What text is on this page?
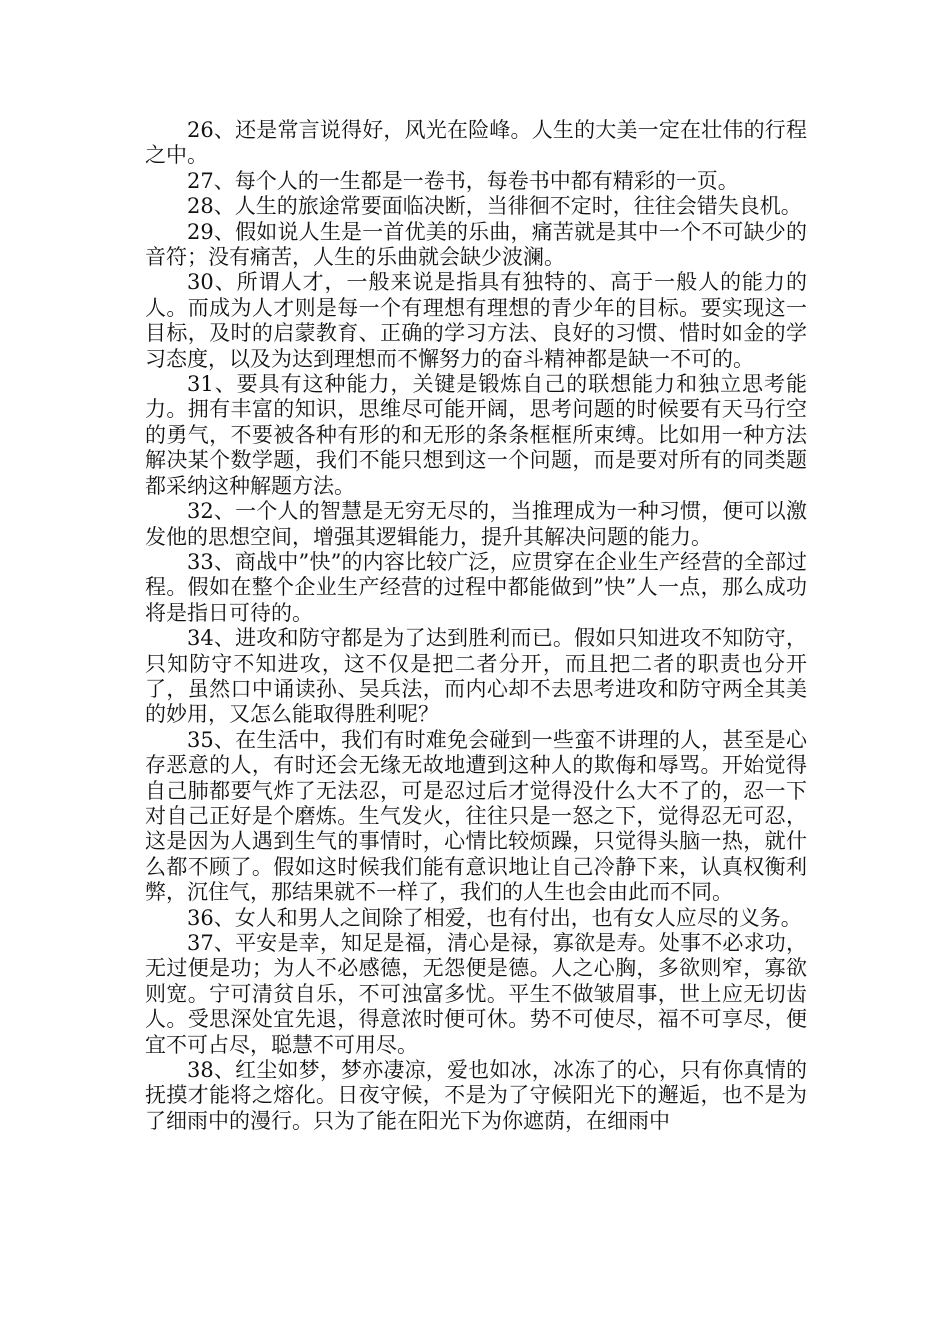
26、还是常言说得好，风光在险峰。人生的大美一定在壮伟的行程之中。

27、每个人的一生都是一卷书，每卷书中都有精彩的一页。

28、人生的旅途常要面临决断，当徘徊不定时，往往会错失良机。

29、假如说人生是一首优美的乐曲，痛苦就是其中一个不可缺少的音符；没有痛苦，人生的乐曲就会缺少波澜。

30、所谓人才，一般来说是指具有独特的、高于一般人的能力的人。而成为人才则是每一个有理想有理想的青少年的目标。要实现这一目标，及时的启蒙教育、正确的学习方法、良好的习惯、惜时如金的学习态度，以及为达到理想而不懈努力的奋斗精神都是缺一不可的。

31、要具有这种能力，关键是锻炼自己的联想能力和独立思考能力。拥有丰富的知识，思维尽可能开阔，思考问题的时候要有天马行空的勇气，不要被各种有形的和无形的条条框框所束缚。比如用一种方法解决某个数学题，我们不能只想到这一个问题，而是要对所有的同类题都采纳这种解题方法。

32、一个人的智慧是无穷无尽的，当推理成为一种习惯，便可以激发他的思想空间，增强其逻辑能力，提升其解决问题的能力。

33、商战中”快”的内容比较广泛，应贯穿在企业生产经营的全部过程。假如在整个企业生产经营的过程中都能做到”快”人一点，那么成功将是指日可待的。

34、进攻和防守都是为了达到胜利而已。假如只知进攻不知防守，只知防守不知进攻，这不仅是把二者分开，而且把二者的职责也分开了，虽然口中诵读孙、吴兵法，而内心却不去思考进攻和防守两全其美的妙用，又怎么能取得胜利呢？

35、在生活中，我们有时难免会碰到一些蛮不讲理的人，甚至是心存恶意的人，有时还会无缘无故地遭到这种人的欺侮和辱骂。开始觉得自己肺都要气炸了无法忍，可是忍过后才觉得没什么大不了的，忍一下对自己正好是个磨炼。生气发火，往往只是一怒之下，觉得忍无可忍，这是因为人遇到生气的事情时，心情比较烦躁，只觉得头脑一热，就什么都不顾了。假如这时候我们能有意识地让自己冷静下来，认真权衡利弊，沉住气，那结果就不一样了，我们的人生也会由此而不同。

36、女人和男人之间除了相爱，也有付出，也有女人应尽的义务。

37、平安是幸，知足是福，清心是禄，寡欲是寿。处事不必求功，无过便是功；为人不必感德，无怨便是德。人之心胸，多欲则窄，寡欲则宽。宁可清贫自乐，不可浊富多忧。平生不做皱眉事，世上应无切齿人。受思深处宜先退，得意浓时便可休。势不可使尽，福不可享尽，便宜不可占尽，聪慧不可用尽。

38、红尘如梦，梦亦凄凉，爱也如冰，冰冻了的心，只有你真情的抚摸才能将之熔化。日夜守候，不是为了守候阳光下的邂逅，也不是为了细雨中的漫行。只为了能在阳光下为你遮荫，在细雨中
